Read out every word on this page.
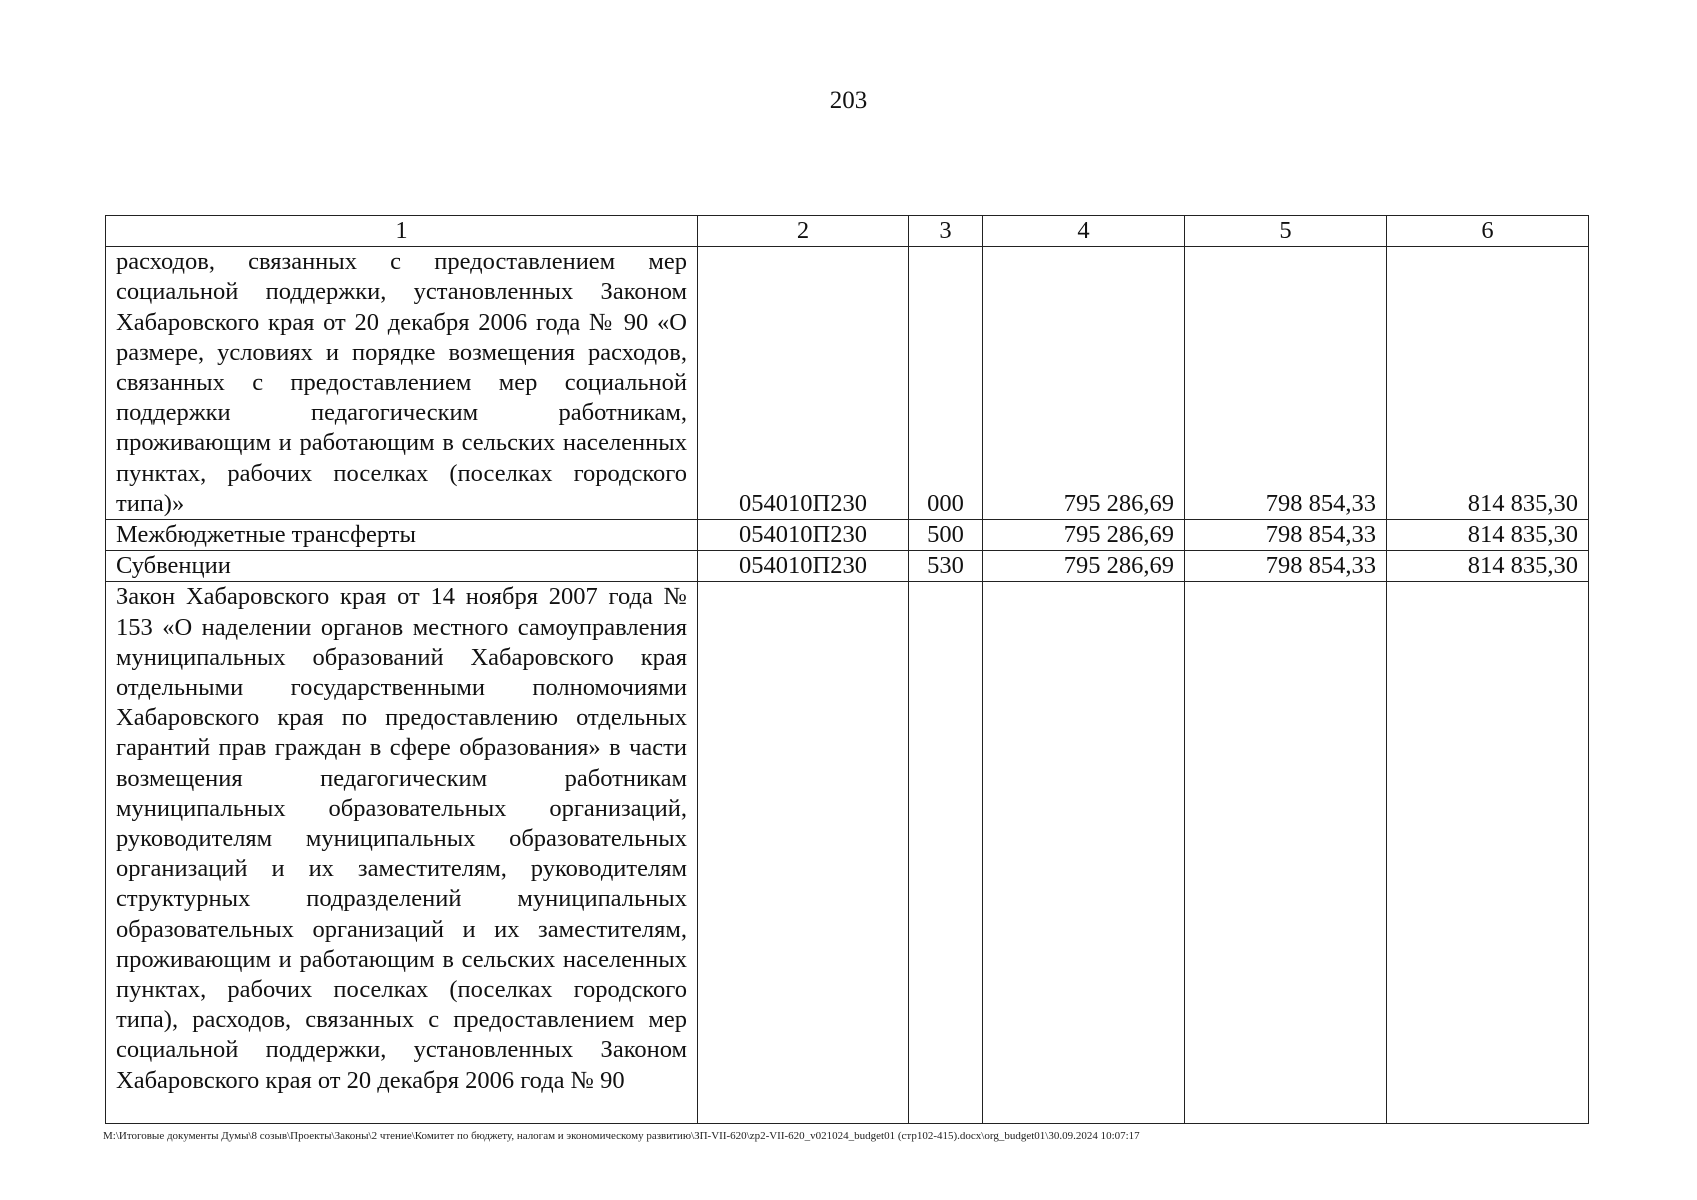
203
1	2	3	4	5	6
расходов, связанных с предоставлением мер социальной поддержки, установленных Законом Хабаровского края от 20 декабря 2006 года № 90 «О размере, условиях и порядке возмещения расходов, связанных с предоставлением мер социальной поддержки педагогическим работникам, проживающим и работающим в сельских населенных пунктах, рабочих поселках (поселках городского типа)»	054010П230	000	795 286,69	798 854,33	814 835,30
Межбюджетные трансферты	054010П230	500	795 286,69	798 854,33	814 835,30
Субвенции	054010П230	530	795 286,69	798 854,33	814 835,30
Закон Хабаровского края от 14 ноября 2007 года № 153 «О наделении органов местного самоуправления муниципальных образований Хабаровского края отдельными государственными полномочиями Хабаровского края по предоставлению отдельных гарантий прав граждан в сфере образования» в части возмещения педагогическим работникам муниципальных образовательных организаций, руководителям муниципальных образовательных организаций и их заместителям, руководителям структурных подразделений муниципальных образовательных организаций и их заместителям, проживающим и работающим в сельских населенных пунктах, рабочих поселках (поселках городского типа), расходов, связанных с предоставлением мер социальной поддержки, установленных Законом Хабаровского края от 20 декабря 2006 года № 90					
М:\Итоговые документы Думы\8 созыв\Проекты\Законы\2 чтение\Комитет по бюджету, налогам и экономическому развитию\ЗП-VII-620\zp2-VII-620_v021024_budget01 (стр102-415).docx\org_budget01\30.09.2024 10:07:17
